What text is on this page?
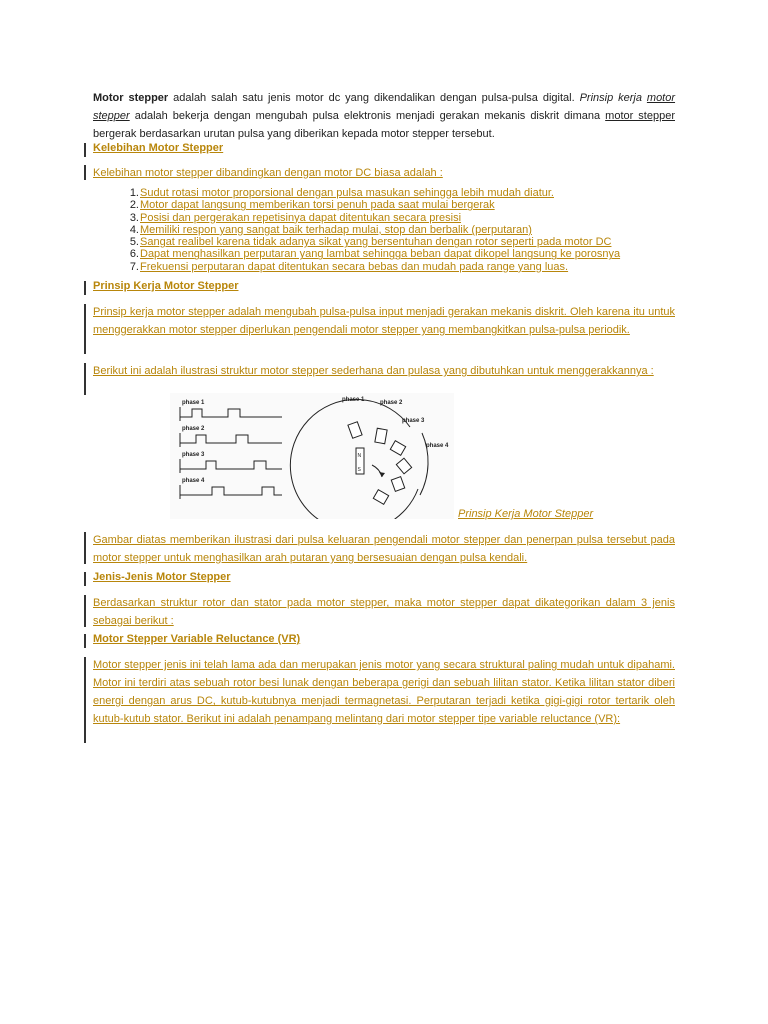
Motor stepper adalah salah satu jenis motor dc yang dikendalikan dengan pulsa-pulsa digital. Prinsip kerja motor stepper adalah bekerja dengan mengubah pulsa elektronis menjadi gerakan mekanis diskrit dimana motor stepper bergerak berdasarkan urutan pulsa yang diberikan kepada motor stepper tersebut.

Kelebihan Motor Stepper
Kelebihan motor stepper dibandingkan dengan motor DC biasa adalah :
1. Sudut rotasi motor proporsional dengan pulsa masukan sehingga lebih mudah diatur.
2. Motor dapat langsung memberikan torsi penuh pada saat mulai bergerak
3. Posisi dan pergerakan repetisinya dapat ditentukan secara presisi
4. Memiliki respon yang sangat baik terhadap mulai, stop dan berbalik (perputaran)
5. Sangat realibel karena tidak adanya sikat yang bersentuhan dengan rotor seperti pada motor DC
6. Dapat menghasilkan perputaran yang lambat sehingga beban dapat dikopel langsung ke porosnya
7. Frekuensi perputaran dapat ditentukan secara bebas dan mudah pada range yang luas.
Prinsip Kerja Motor Stepper
Prinsip kerja motor stepper adalah mengubah pulsa-pulsa input menjadi gerakan mekanis diskrit. Oleh karena itu untuk menggerakkan motor stepper diperlukan pengendali motor stepper yang membangkitkan pulsa-pulsa periodik.
Berikut ini adalah ilustrasi struktur motor stepper sederhana dan pulasa yang dibutuhkan untuk menggerakkannya :
phase 1
phase 2
phase 3
phase 4
N
S
phase 1	phase 2
phase 3
phase 4
Prinsip Kerja Motor Stepper
Gambar diatas memberikan ilustrasi dari pulsa keluaran pengendali motor stepper dan penerpan pulsa tersebut pada motor stepper untuk menghasilkan arah putaran yang bersesuaian dengan pulsa kendali.
Jenis-Jenis Motor Stepper
Berdasarkan struktur rotor dan stator pada motor stepper, maka motor stepper dapat dikategorikan dalam 3 jenis sebagai berikut :
Motor Stepper Variable Reluctance (VR)
Motor stepper jenis ini telah lama ada dan merupakan jenis motor yang secara struktural paling mudah untuk dipahami. Motor ini terdiri atas sebuah rotor besi lunak dengan beberapa gerigi dan sebuah lilitan stator. Ketika lilitan stator diberi energi dengan arus DC, kutub-kutubnya menjadi termagnetasi. Perputaran terjadi ketika gigi-gigi rotor tertarik oleh kutub-kutub stator. Berikut ini adalah penampang melintang dari motor stepper tipe variable reluctance (VR):
